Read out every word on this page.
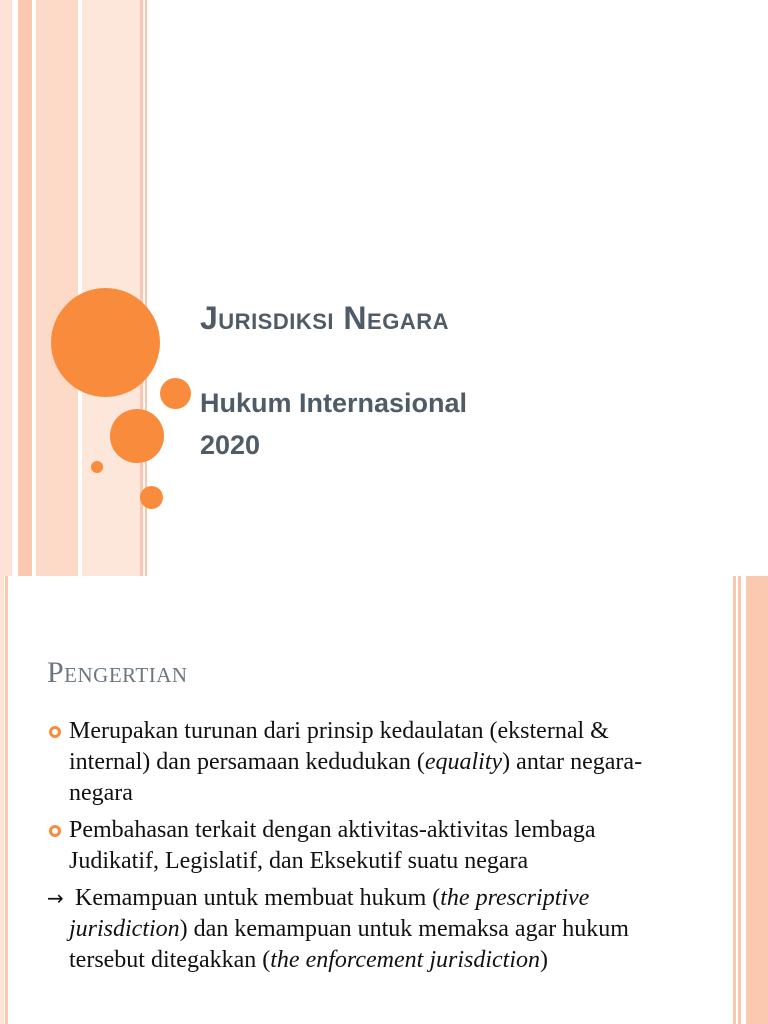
Jurisdiksi Negara
Hukum Internasional
2020
Pengertian
Merupakan turunan dari prinsip kedaulatan (eksternal & internal) dan persamaan kedudukan (equality) antar negara-negara
Pembahasan terkait dengan aktivitas-aktivitas lembaga Judikatif, Legislatif, dan Eksekutif suatu negara
→ Kemampuan untuk membuat hukum (the prescriptive jurisdiction) dan kemampuan untuk memaksa agar hukum tersebut ditegakkan (the enforcement jurisdiction)
